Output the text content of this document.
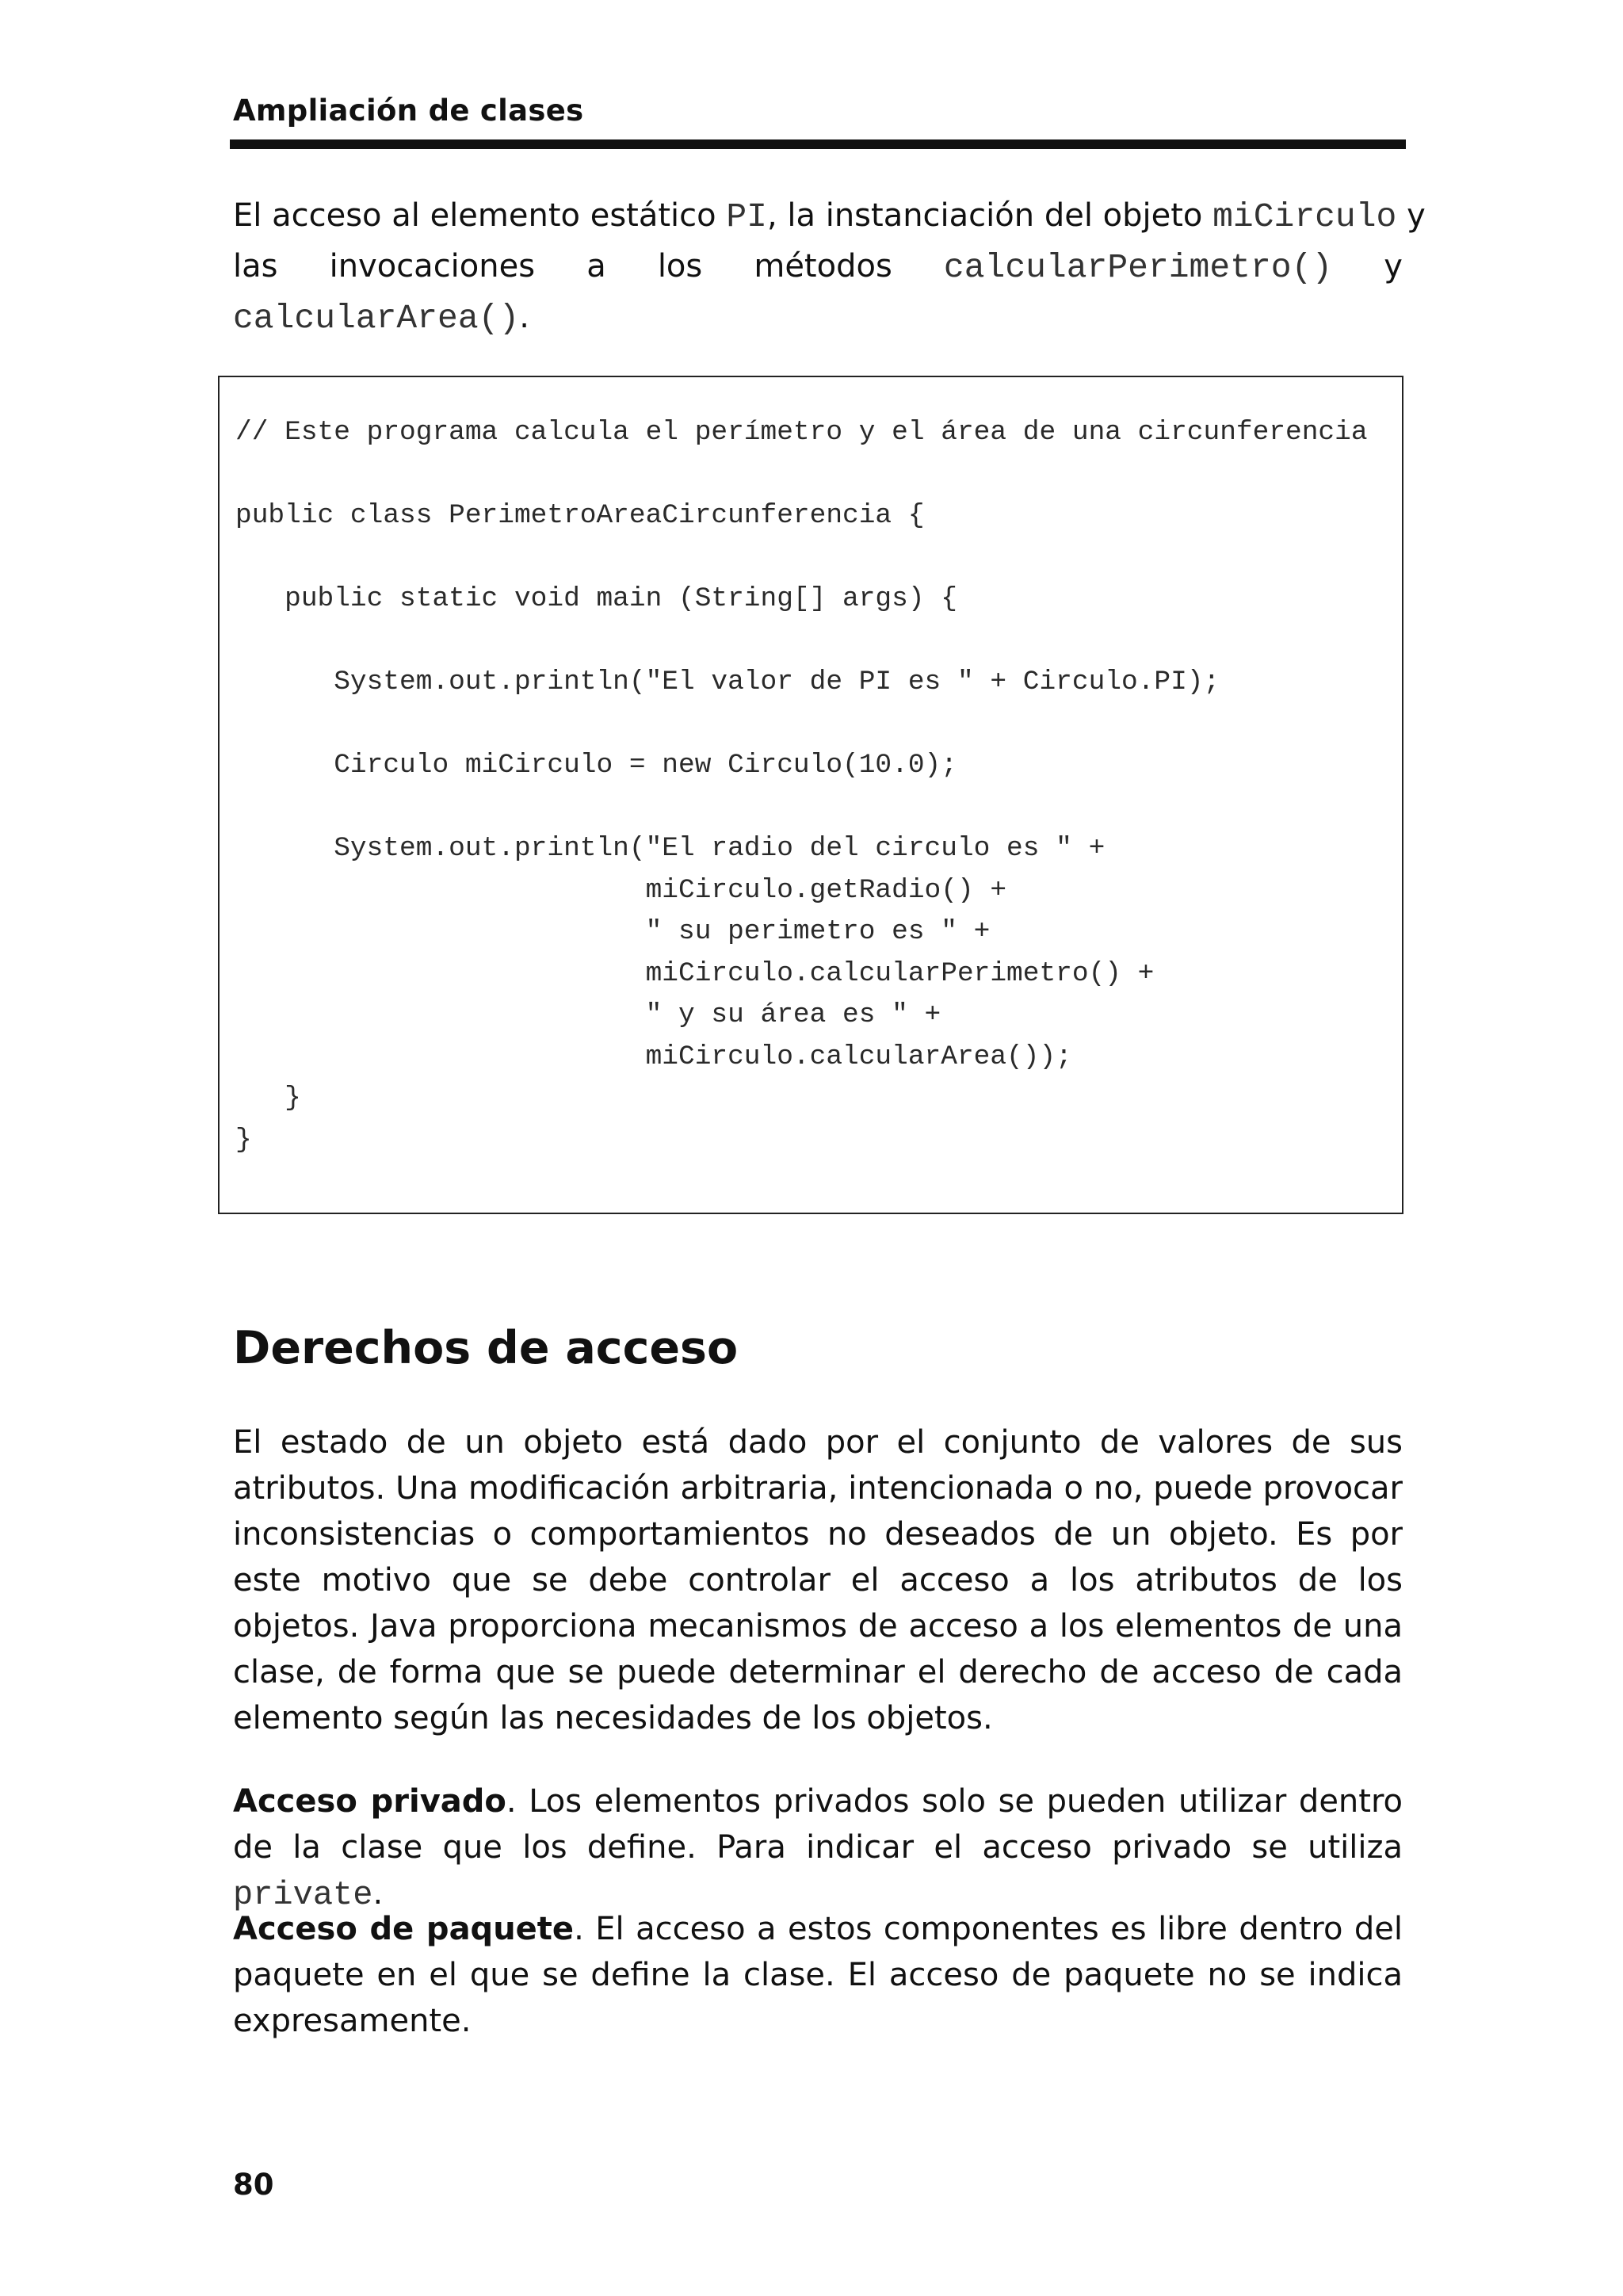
Ampliación de clases
El acceso al elemento estático PI, la instanciación del objeto miCirculo y
las invocaciones a los métodos calcularPerimetro() y
calcularArea() .
// Este programa calcula el perímetro y el área de una circunferencia

public class PerimetroAreaCircunferencia {

public static void main (String[] args) {

System.out.println("El valor de PI es " + Circulo.PI);

Circulo miCirculo = new Circulo(10.0);

System.out.println("El radio del circulo es " +
miCirculo.getRadio() +
" su perimetro es " +
miCirculo.calcularPerimetro() +
" y su área es " +
miCirculo.calcularArea());
}
}
Derechos de acceso

El estado de un objeto está dado por el conjunto de valores de sus atributos. Una modificación arbitraria, intencionada o no, puede provocar inconsistencias o comportamientos no deseados de un objeto. Es por este motivo que se debe controlar el acceso a los atributos de los objetos. Java proporciona mecanismos de acceso a los elementos de una clase, de forma que se puede determinar el derecho de acceso de cada elemento según las necesidades de los objetos.

Acceso privado. Los elementos privados solo se pueden utilizar dentro de la clase que los define. Para indicar el acceso privado se utiliza private.

Acceso de paquete. El acceso a estos componentes es libre dentro del paquete en el que se define la clase. El acceso de paquete no se indica expresamente.

80
